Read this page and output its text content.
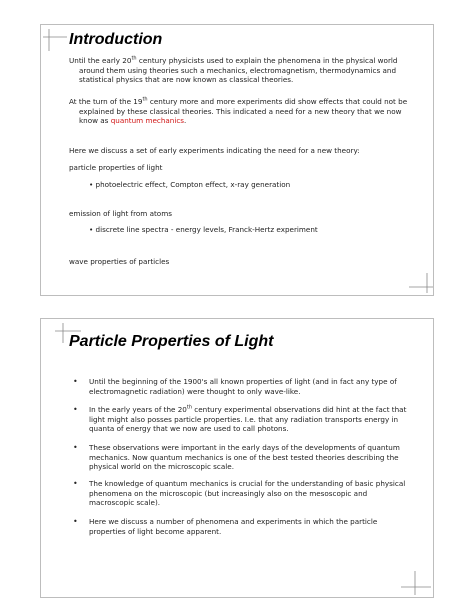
Introduction
Until the early 20th century physicists used to explain the phenomena in the physical world around them using theories such a mechanics, electromagnetism, thermodynamics and statistical physics that are now known as classical theories.
At the turn of the 19th century more and more experiments did show effects that could not be explained by these classical theories. This indicated a need for a new theory that we now know as quantum mechanics.
Here we discuss a set of early experiments indicating the need for a new theory:
particle properties of light
• photoelectric effect, Compton effect, x-ray generation
emission of light from atoms
• discrete line spectra - energy levels, Franck-Hertz experiment
wave properties of particles
Particle Properties of Light
• Until the beginning of the 1900's all known properties of light (and in fact any type of electromagnetic radiation) were thought to only wave-like.
• In the early years of the 20th century experimental observations did hint at the fact that light might also posses particle properties. I.e. that any radiation transports energy in quanta of energy that we now are used to call photons.
• These observations were important in the early days of the developments of quantum mechanics. Now quantum mechanics is one of the best tested theories describing the physical world on the microscopic scale.
• The knowledge of quantum mechanics is crucial for the understanding of basic physical phenomena on the microscopic (but increasingly also on the mesoscopic and macroscopic scale).
• Here we discuss a number of phenomena and experiments in which the particle properties of light become apparent.
